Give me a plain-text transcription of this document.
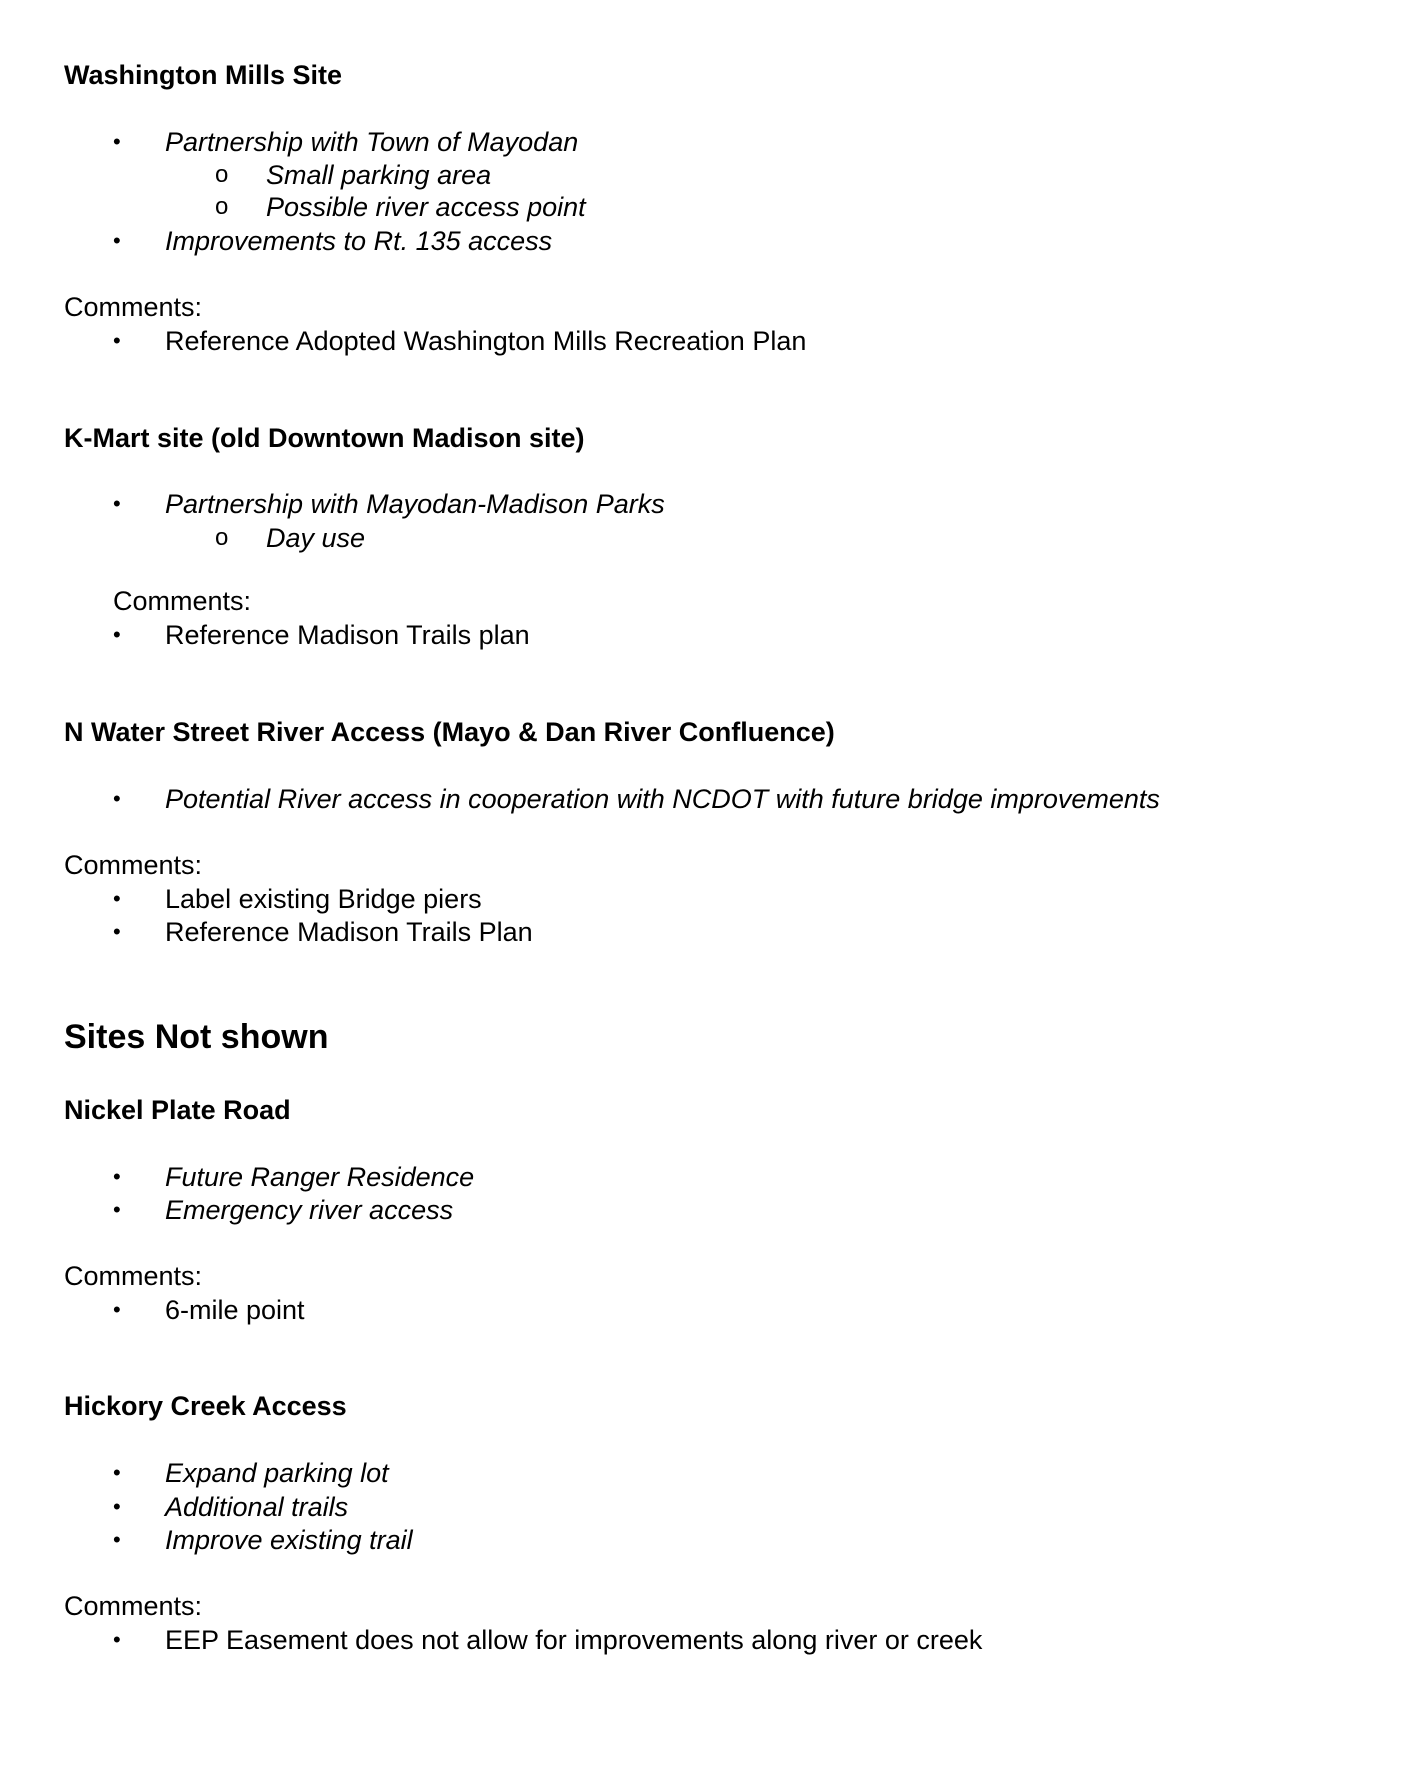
Washington Mills Site

• Partnership with Town of Mayodan

o Small parking area

o Possible river access point

• Improvements to Rt. 135 access

Comments:

• Reference Adopted Washington Mills Recreation Plan

K-Mart site (old Downtown Madison site)

• Partnership with Mayodan-Madison Parks

o Day use

Comments:

• Reference Madison Trails plan

N Water Street River Access (Mayo & Dan River Confluence)

• Potential River access in cooperation with NCDOT with future bridge improvements

Comments:

• Label existing Bridge piers

• Reference Madison Trails Plan

Sites Not shown

Nickel Plate Road

• Future Ranger Residence

• Emergency river access

Comments:

• 6-mile point

Hickory Creek Access

• Expand parking lot

• Additional trails

• Improve existing trail

Comments:

• EEP Easement does not allow for improvements along river or creek
